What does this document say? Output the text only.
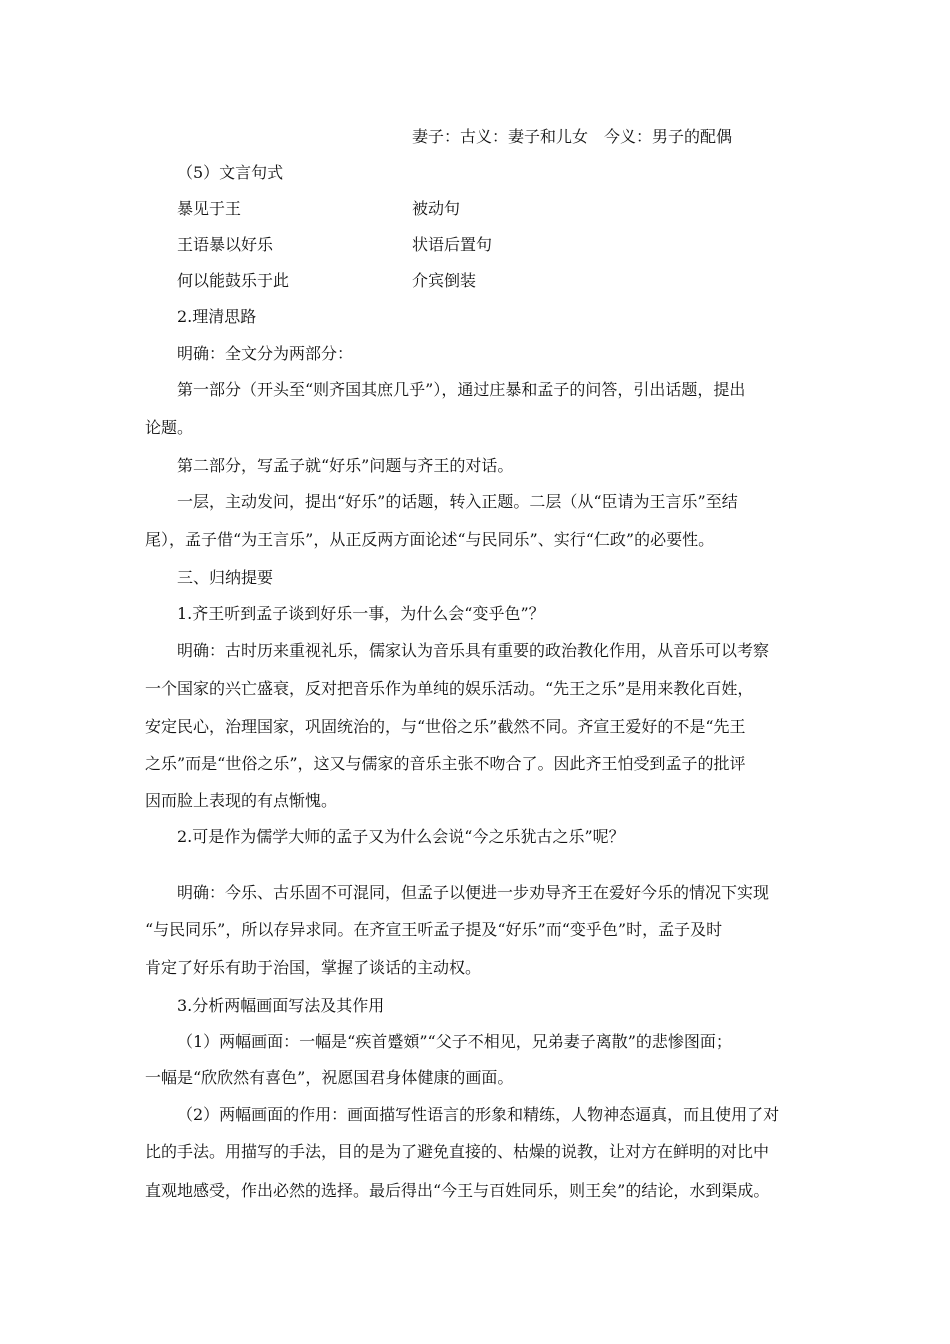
妻子：古义：妻子和儿女　今义：男子的配偶
（5）文言句式
暴见于王	被动句
王语暴以好乐	状语后置句
何以能鼓乐于此	介宾倒装
2.理清思路
明确：全文分为两部分：
第一部分（开头至“则齐国其庶几乎”），通过庄暴和孟子的问答，引出话题，提出
论题。
第二部分，写孟子就“好乐”问题与齐王的对话。
一层，主动发问，提出“好乐”的话题，转入正题。二层（从“臣请为王言乐”至结
尾），孟子借“为王言乐”，从正反两方面论述“与民同乐”、实行“仁政”的必要性。
三、归纳提要
1.齐王听到孟子谈到好乐一事，为什么会“变乎色”？
明确：古时历来重视礼乐，儒家认为音乐具有重要的政治教化作用，从音乐可以考察
一个国家的兴亡盛衰，反对把音乐作为单纯的娱乐活动。“先王之乐”是用来教化百姓，
安定民心，治理国家，巩固统治的，与“世俗之乐”截然不同。齐宣王爱好的不是“先王
之乐”而是“世俗之乐”，这又与儒家的音乐主张不吻合了。因此齐王怕受到孟子的批评
因而脸上表现的有点惭愧。
2.可是作为儒学大师的孟子又为什么会说“今之乐犹古之乐”呢？
明确：今乐、古乐固不可混同，但孟子以便进一步劝导齐王在爱好今乐的情况下实现
“与民同乐”，所以存异求同。在齐宣王听孟子提及“好乐”而“变乎色”时，孟子及时
肯定了好乐有助于治国，掌握了谈话的主动权。
3.分析两幅画面写法及其作用
（1）两幅画面：一幅是“疾首蹙頞”“父子不相见，兄弟妻子离散”的悲惨图面；
一幅是“欣欣然有喜色”，祝愿国君身体健康的画面。
（2）两幅画面的作用：画面描写性语言的形象和精练，人物神态逼真，而且使用了对
比的手法。用描写的手法，目的是为了避免直接的、枯燥的说教，让对方在鲜明的对比中
直观地感受，作出必然的选择。最后得出“今王与百姓同乐，则王矣”的结论，水到渠成。
